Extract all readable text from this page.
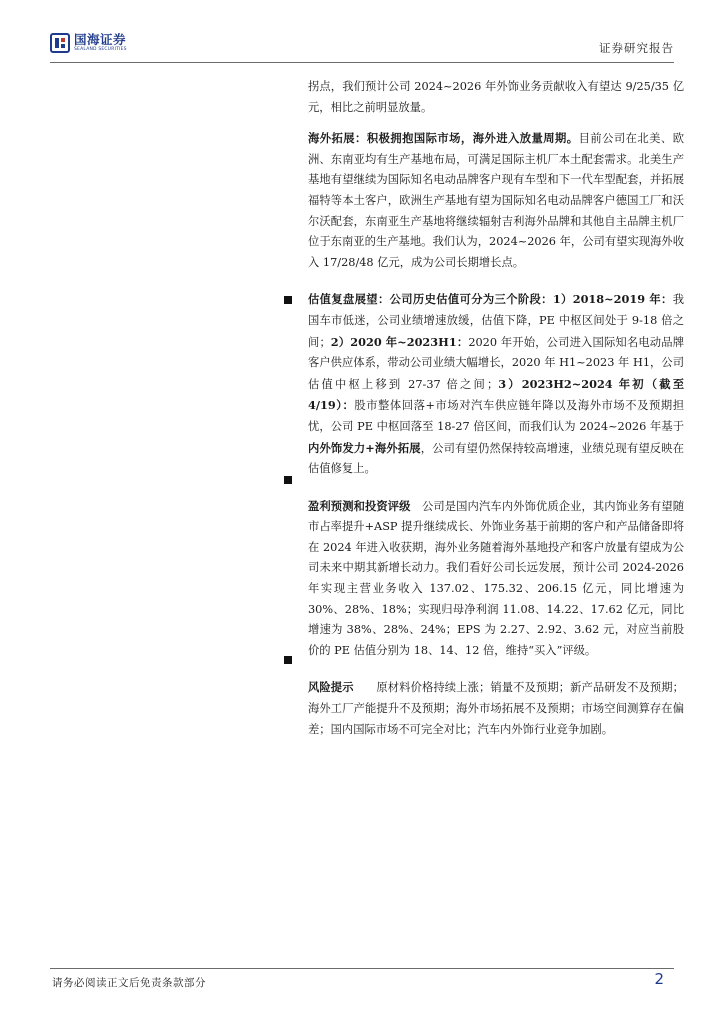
国海证券
SEALAND SECURITIES	证券研究报告

拐点，我们预计公司 2024~2026 年外饰业务贡献收入有望达 9/25/35 亿元，相比之前明显放量。

海外拓展：积极拥抱国际市场，海外进入放量周期。目前公司在北美、欧洲、东南亚均有生产基地布局，可满足国际主机厂本土配套需求。北美生产基地有望继续为国际知名电动品牌客户现有车型和下一代车型配套，并拓展福特等本土客户，欧洲生产基地有望为国际知名电动品牌客户德国工厂和沃尔沃配套，东南亚生产基地将继续辐射吉利海外品牌和其他自主品牌主机厂位于东南亚的生产基地。我们认为，2024~2026 年，公司有望实现海外收入 17/28/48 亿元，成为公司长期增长点。

估值复盘展望：公司历史估值可分为三个阶段：1）2018~2019 年：我国车市低迷，公司业绩增速放缓，估值下降，PE 中枢区间处于 9-18 倍之间；2）2020 年~2023H1：2020 年开始，公司进入国际知名电动品牌客户供应体系，带动公司业绩大幅增长，2020 年 H1~2023 年 H1，公司估值中枢上移到 27-37 倍之间；3）2023H2~2024 年初（截至 4/19）：股市整体回落+市场对汽车供应链年降以及海外市场不及预期担忧，公司 PE 中枢回落至 18-27 倍区间，而我们认为 2024~2026 年基于内外饰发力+海外拓展，公司有望仍然保持较高增速，业绩兑现有望反映在估值修复上。

盈利预测和投资评级　公司是国内汽车内外饰优质企业，其内饰业务有望随市占率提升+ASP 提升继续成长、外饰业务基于前期的客户和产品储备即将在 2024 年进入收获期，海外业务随着海外基地投产和客户放量有望成为公司未来中期其新增长动力。我们看好公司长远发展，预计公司 2024-2026 年实现主营业务收入 137.02、175.32、206.15 亿元，同比增速为 30%、28%、18%；实现归母净利润 11.08、14.22、17.62 亿元，同比增速为 38%、28%、24%；EPS 为 2.27、2.92、3.62 元，对应当前股价的 PE 估值分别为 18、14、12 倍，维持“买入”评级。

风险提示　　原材料价格持续上涨；销量不及预期；新产品研发不及预期；海外工厂产能提升不及预期；海外市场拓展不及预期；市场空间测算存在偏差；国内国际市场不可完全对比；汽车内外饰行业竞争加剧。

请务必阅读正文后免责条款部分	2
